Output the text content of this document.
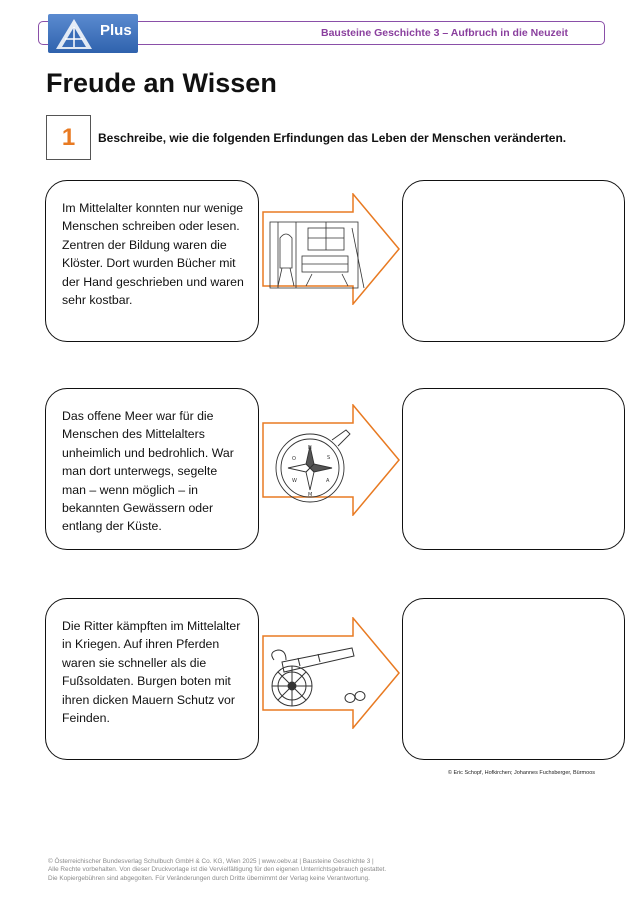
Plus	Bausteine Geschichte 3 – Aufbruch in die Neuzeit
Freude an Wissen
1	Beschreibe, wie die folgenden Erfindungen das Leben der Menschen veränderten.
Im Mittelalter konnten nur wenige Menschen schreiben oder lesen. Zentren der Bildung waren die Klöster. Dort wurden Bücher mit der Hand geschrieben und waren sehr kostbar.
Das offene Meer war für die Menschen des Mittelalters unheimlich und bedrohlich. War man dort unterwegs, segelte man – wenn möglich – in bekannten Gewässern oder entlang der Küste.
N
S
O
A
W
M
Die Ritter kämpften im Mittelalter in Kriegen. Auf ihren Pferden waren sie schneller als die Fußsoldaten. Burgen boten mit ihren dicken Mauern Schutz vor Feinden.
© Eric Schopf, Hofkirchen; Johannes Fuchsberger, Bürmoos
© Österreichischer Bundesverlag Schulbuch GmbH & Co. KG, Wien 2025 | www.oebv.at | Bausteine Geschichte 3 |
Alle Rechte vorbehalten. Von dieser Druckvorlage ist die Vervielfältigung für den eigenen Unterrichtsgebrauch gestattet.
Die Kopiergebühren sind abgegolten. Für Veränderungen durch Dritte übernimmt der Verlag keine Verantwortung.
